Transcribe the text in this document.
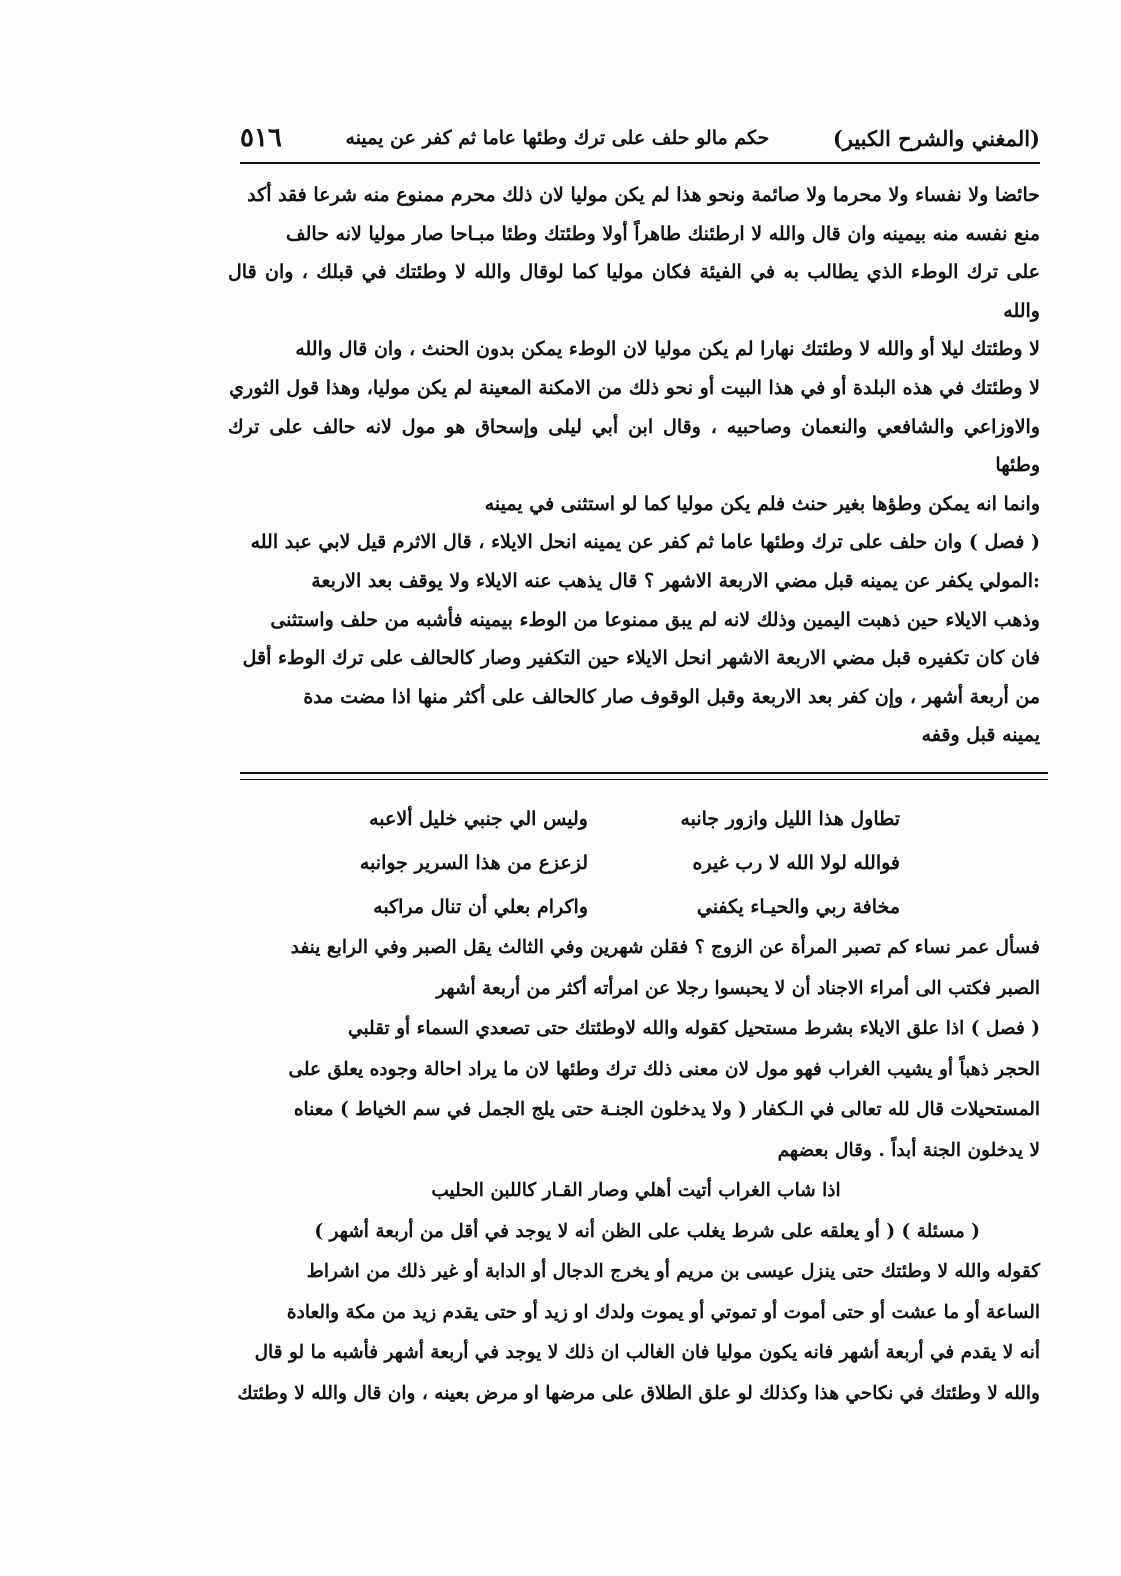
(المغني والشرح الكبير)
حكم مالو حلف على ترك وطئها عاما ثم كفر عن يمينه
٥١٦

حائضا ولا نفساء ولا محرما ولا صائمة ونحو هذا لم يكن موليا لان ذلك محرم ممنوع منه شرعا فقد أكد

منع نفسه منه بيمينه وان قال والله لا ارطئنك طاهراً أولا وطئتك وطئا مبـاحا صار موليا لانه حالف

على ترك الوطء الذي يطالب به في الفيئة فكان موليا كما لوقال والله لا وطئتك في قبلك ، وان قال والله

لا وطئتك ليلا أو والله لا وطئتك نهارا لم يكن موليا لان الوطء يمكن بدون الحنث ، وان قال والله

لا وطئتك في هذه البلدة أو في هذا البيت أو نحو ذلك من الامكنة المعينة لم يكن موليا، وهذا قول الثوري

والاوزاعي والشافعي والنعمان وصاحبيه ، وقال ابن أبي ليلى وإسحاق هو مول لانه حالف على ترك وطئها

وانما انه يمكن وطؤها بغير حنث فلم يكن موليا كما لو استثنى في يمينه

( فصل ) وان حلف على ترك وطئها عاما ثم كفر عن يمينه انحل الايلاء ، قال الاثرم قيل لابي عبد الله

:المولي يكفر عن يمينه قبل مضي الاربعة الاشهر ؟ قال يذهب عنه الايلاء ولا يوقف بعد الاربعة

وذهب الايلاء حين ذهبت اليمين وذلك لانه لم يبق ممنوعا من الوطء بيمينه فأشبه من حلف واستثنى

فان كان تكفيره قبل مضي الاربعة الاشهر انحل الايلاء حين التكفير وصار كالحالف على ترك الوطء أقل

من أربعة أشهر ، وإن كفر بعد الاربعة وقبل الوقوف صار كالحالف على أكثر منها اذا مضت مدة

يمينه قبل وقفه

تطاول هذا الليل وازور جانبه
وليس الي جنبي خليل ألاعبه
فوالله لولا الله لا رب غيره
لزعزع من هذا السرير جوانبه
مخافة ربي والحيـاء يكفني
واكرام بعلي أن تنال مراكبه

فسأل عمر نساء كم تصبر المرأة عن الزوج ؟ فقلن شهرين وفي الثالث يقل الصبر وفي الرابع ينفد

الصبر فكتب الى أمراء الاجناد أن لا يحبسوا رجلا عن امرأته أكثر من أربعة أشهر

( فصل ) اذا علق الايلاء بشرط مستحيل كقوله والله لاوطئتك حتى تصعدي السماء أو تقلبي

الحجر ذهباً أو يشيب الغراب فهو مول لان معنى ذلك ترك وطئها لان ما يراد احالة وجوده يعلق على

المستحيلات قال لله تعالى في الـكفار ( ولا يدخلون الجنـة حتى يلج الجمل في سم الخياط ) معناه

لا يدخلون الجنة أبداً . وقال بعضهم

اذا شاب الغراب أتيت أهلي وصار القـار كاللبن الحليب

( مسئلة ) ( أو يعلقه على شرط يغلب على الظن أنه لا يوجد في أقل من أربعة أشهر )

كقوله والله لا وطئتك حتى ينزل عيسى بن مريم أو يخرج الدجال أو الدابة أو غير ذلك من اشراط

الساعة أو ما عشت أو حتى أموت أو تموتي أو يموت ولدك او زيد أو حتى يقدم زيد من مكة والعادة

أنه لا يقدم في أربعة أشهر فانه يكون موليا فان الغالب ان ذلك لا يوجد في أربعة أشهر فأشبه ما لو قال

والله لا وطئتك في نكاحي هذا وكذلك لو علق الطلاق على مرضها او مرض بعينه ، وان قال والله لا وطئتك
